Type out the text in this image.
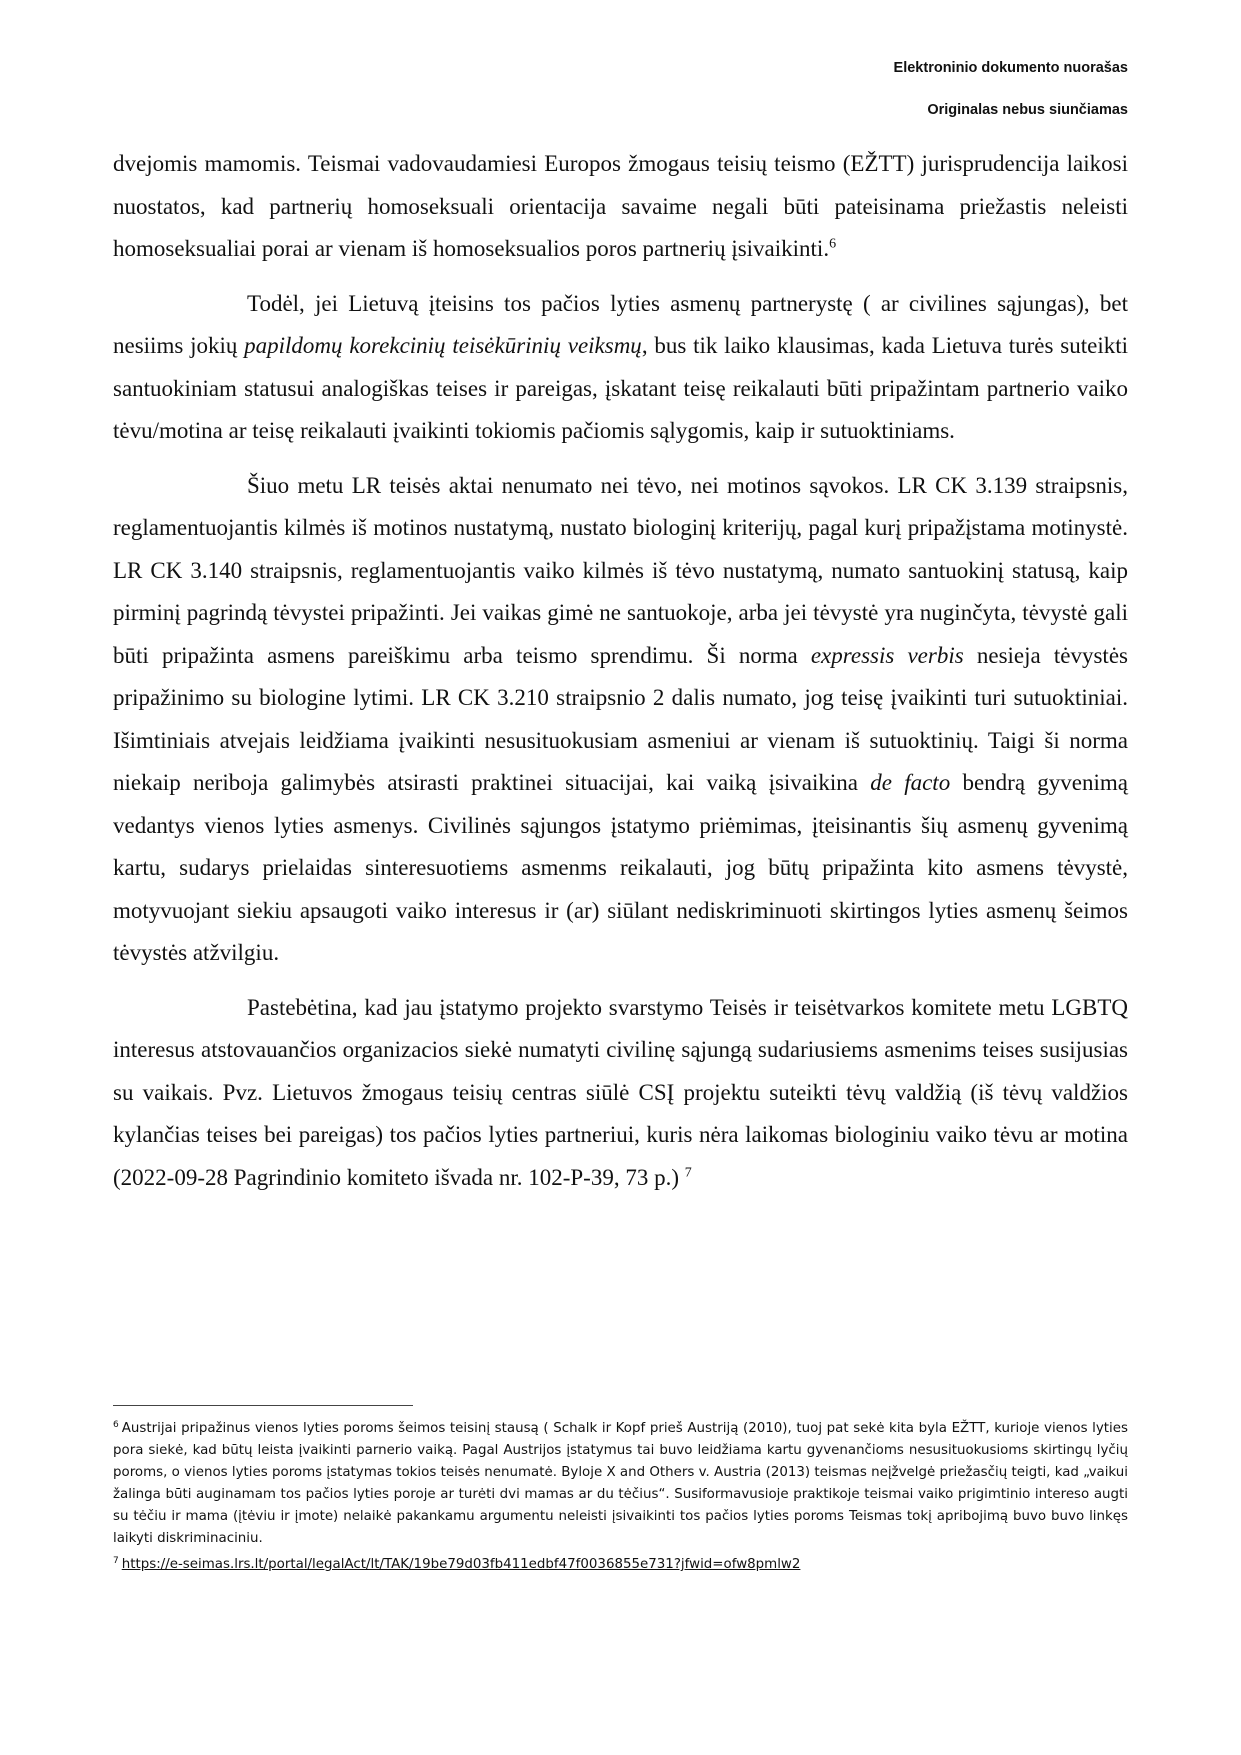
Elektroninio dokumento nuorašas
Originalas nebus siunčiamas

dvejomis mamomis. Teismai vadovaudamiesi Europos žmogaus teisių teismo (EŽTT) jurisprudencija laikosi nuostatos, kad partnerių homoseksuali orientacija savaime negali būti pateisinama priežastis neleisti homoseksualiai porai ar vienam iš homoseksualios poros partnerių įsivaikinti.$^6$

Todėl, jei Lietuvą įteisins tos pačios lyties asmenų partnerystę ( ar civilines sąjungas), bet nesiims jokių papildomų korekcinių teisėkūrinių veiksmų, bus tik laiko klausimas, kada Lietuva turės suteikti santuokiniam statusui analogiškas teises ir pareigas, įskatant teisę reikalauti būti pripažintam partnerio vaiko tėvu/motina ar teisę reikalauti įvaikinti tokiomis pačiomis sąlygomis, kaip ir sutuoktiniams.

Šiuo metu LR teisės aktai nenumato nei tėvo, nei motinos sąvokos. LR CK 3.139 straipsnis, reglamentuojantis kilmės iš motinos nustatymą, nustato biologinį kriterijų, pagal kurį pripažįstama motinystė. LR CK 3.140 straipsnis, reglamentuojantis vaiko kilmės iš tėvo nustatymą, numato santuokinį statusą, kaip pirminį pagrindą tėvystei pripažinti. Jei vaikas gimė ne santuokoje, arba jei tėvystė yra nuginčyta, tėvystė gali būti pripažinta asmens pareiškimu arba teismo sprendimu. Ši norma expressis verbis nesieja tėvystės pripažinimo su biologine lytimi. LR CK 3.210 straipsnio 2 dalis numato, jog teisę įvaikinti turi sutuoktiniai. Išimtiniais atvejais leidžiama įvaikinti nesusituokusiam asmeniui ar vienam iš sutuoktinių. Taigi ši norma niekaip neriboja galimybės atsirasti praktinei situacijai, kai vaiką įsivaikina de facto bendrą gyvenimą vedantys vienos lyties asmenys. Civilinės sąjungos įstatymo priėmimas, įteisinantis šių asmenų gyvenimą kartu, sudarys prielaidas sinteresuotiems asmenms reikalauti, jog būtų pripažinta kito asmens tėvystė, motyvuojant siekiu apsaugoti vaiko interesus ir (ar) siūlant nediskriminuoti skirtingos lyties asmenų šeimos tėvystės atžvilgiu.

Pastebėtina, kad jau įstatymo projekto svarstymo Teisės ir teisėtvarkos komitete metu LGBTQ interesus atstovauančios organizacios siekė numatyti civilinę sąjungą sudariusiems asmenims teises susijusias su vaikais. Pvz. Lietuvos žmogaus teisių centras siūlė CSĮ projektu suteikti tėvų valdžią (iš tėvų valdžios kylančias teises bei pareigas) tos pačios lyties partneriui, kuris nėra laikomas biologiniu vaiko tėvu ar motina (2022-09-28 Pagrindinio komiteto išvada nr. 102-P-39, 73 p.) $^7$

$^6$ Austrijai pripažinus vienos lyties poroms šeimos teisinį stausą ( Schalk ir Kopf prieš Austriją (2010), tuoj pat sekė kita byla EŽTT, kurioje vienos lyties pora siekė, kad būtų leista įvaikinti parnerio vaiką. Pagal Austrijos įstatymus tai buvo leidžiama kartu gyvenančioms nesusituokusioms skirtingų lyčių poroms, o vienos lyties poroms įstatymas tokios teisės nenumatė. Byloje X and Others v. Austria (2013) teismas neįžvelgė priežasčių teigti, kad „vaikui žalinga būti auginamam tos pačios lyties poroje ar turėti dvi mamas ar du tėčius“. Susiformavusioje praktikoje teismai vaiko prigimtinio intereso augti su tėčiu ir mama (įtėviu ir įmote) nelaikė pakankamu argumentu neleisti įsivaikinti tos pačios lyties poroms Teismas tokį apribojimą buvo buvo linkęs laikyti diskriminaciniu.

$^7$ https://e-seimas.lrs.lt/portal/legalAct/lt/TAK/19be79d03fb411edbf47f0036855e731?jfwid=ofw8pmlw2
